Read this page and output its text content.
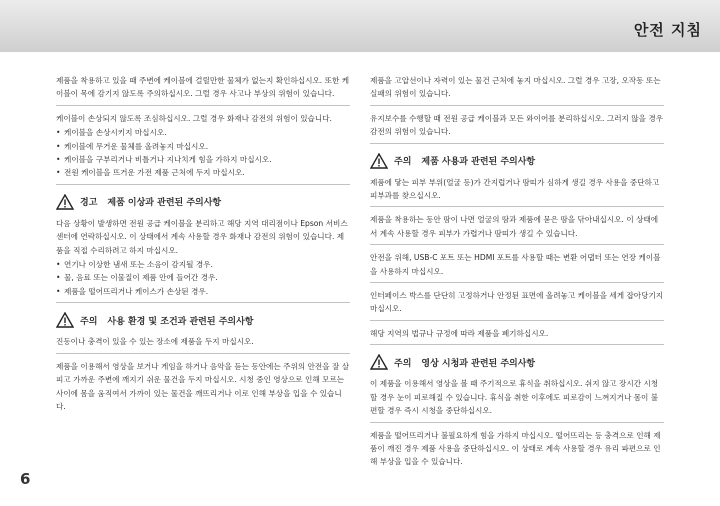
안전 지침

제품을 착용하고 있을 때 주변에 케이블에 걸릴만한 물체가 없는지 확인하십시오. 또한 케이블이 목에 감기지 않도록 주의하십시오. 그럴 경우 사고나 부상의 위험이 있습니다.

케이블이 손상되지 않도록 조심하십시오. 그럴 경우 화재나 감전의 위험이 있습니다.

• 케이블을 손상시키지 마십시오.
• 케이블에 무거운 물체를 올려놓지 마십시오.
• 케이블을 구부리거나 비틀거나 지나치게 힘을 가하지 마십시오.
• 전원 케이블을 뜨거운 가전 제품 근처에 두지 마십시오.
경고 제품 이상과 관련된 주의사항

다음 상황이 발생하면 전원 공급 케이블을 분리하고 해당 지역 대리점이나 Epson 서비스 센터에 연락하십시오. 이 상태에서 계속 사용할 경우 화재나 감전의 위험이 있습니다. 제품을 직접 수리하려고 하지 마십시오.

• 연기나 이상한 냄새 또는 소음이 감지될 경우.
• 물, 음료 또는 이물질이 제품 안에 들어간 경우.
• 제품을 떨어뜨리거나 케이스가 손상된 경우.
주의 사용 환경 및 조건과 관련된 주의사항

진동이나 충격이 있을 수 있는 장소에 제품을 두지 마십시오.

제품을 이용해서 영상을 보거나 게임을 하거나 음악을 듣는 동안에는 주위의 안전을 잘 살피고 가까운 주변에 깨지기 쉬운 물건을 두지 마십시오. 시청 중인 영상으로 인해 모르는 사이에 몸을 움직여서 가까이 있는 물건을 깨뜨리거나 이로 인해 부상을 입을 수 있습니다.

제품을 고압선이나 자력이 있는 물건 근처에 놓지 마십시오. 그럴 경우 고장, 오작동 또는 실패의 위험이 있습니다.

유지보수를 수행할 때 전원 공급 케이블과 모든 와이어를 분리하십시오. 그러지 않을 경우 감전의 위험이 있습니다.

주의 제품 사용과 관련된 주의사항

제품에 닿는 피부 부위(얼굴 등)가 간지럽거나 땀띠가 심하게 생길 경우 사용을 중단하고 피부과를 찾으십시오.

제품을 착용하는 동안 땀이 나면 얼굴의 땀과 제품에 묻은 땀을 닦아내십시오. 이 상태에서 계속 사용할 경우 피부가 가렵거나 땀띠가 생길 수 있습니다.

안전을 위해, USB-C 포트 또는 HDMI 포트를 사용할 때는 변환 어댑터 또는 연장 케이블을 사용하지 마십시오.

인터페이스 박스를 단단히 고정하거나 안정된 표면에 올려놓고 케이블을 세게 잡아당기지 마십시오.

해당 지역의 법규나 규정에 따라 제품을 폐기하십시오.

주의 영상 시청과 관련된 주의사항

이 제품을 이용해서 영상을 볼 때 주기적으로 휴식을 취하십시오. 쉬지 않고 장시간 시청할 경우 눈이 피로해질 수 있습니다. 휴식을 취한 이후에도 피로감이 느껴지거나 몸이 불편할 경우 즉시 시청을 중단하십시오.

제품을 떨어뜨리거나 불필요하게 힘을 가하지 마십시오. 떨어뜨리는 등 충격으로 인해 제품이 깨진 경우 제품 사용을 중단하십시오. 이 상태로 계속 사용할 경우 유리 파편으로 인해 부상을 입을 수 있습니다.

6
